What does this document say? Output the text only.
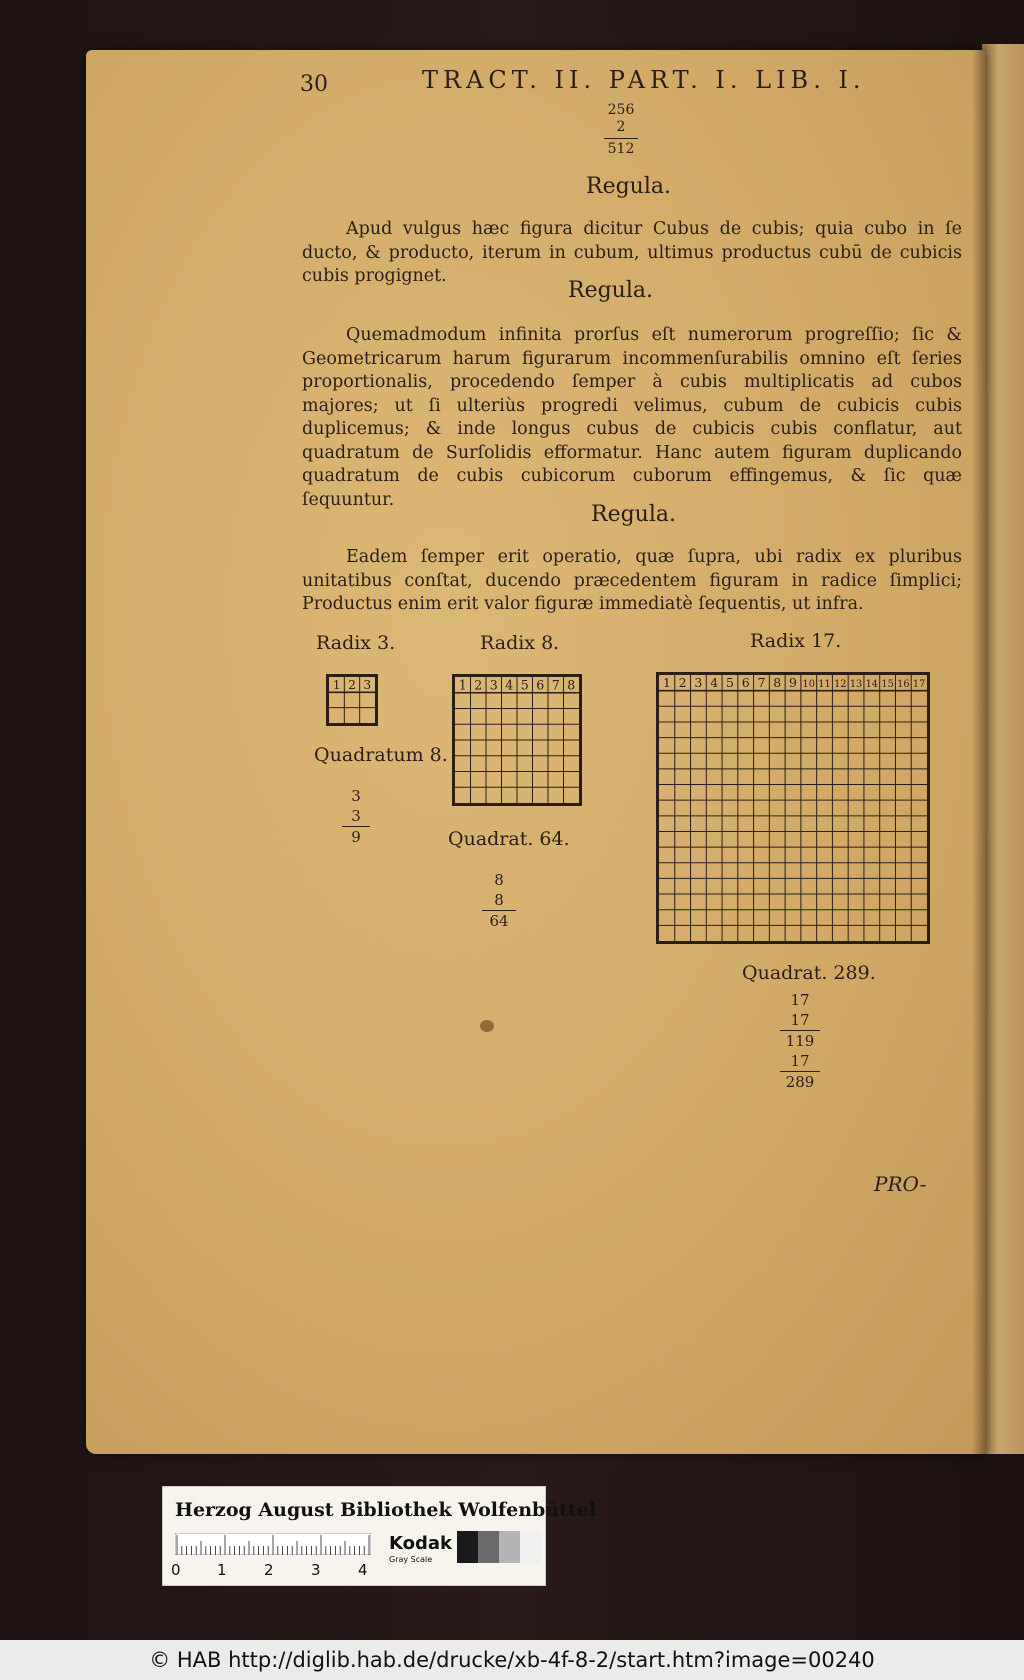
30	TRACT. II. PART. I. LIB. I.
256
2
512
Regula.
Apud vulgus hæc figura dicitur Cubus de cubis; quia cubo in ſe ducto, & producto, iterum in cubum, ultimus productus cubū de cubicis cubis progignet.
Regula.
Quemadmodum infinita prorſus eſt numerorum progreſſio; ſic & Geometricarum harum figurarum incommenſurabilis omnino eſt ſeries proportionalis, procedendo ſemper à cubis multiplicatis ad cubos majores; ut ſi ulteriùs progredi velimus, cubum de cubicis cubis duplicemus; & inde longus cubus de cubicis cubis conflatur, aut quadratum de Surſolidis efformatur. Hanc autem figuram duplicando quadratum de cubis cubicorum cuborum effingemus, & ſic quæ ſequuntur.
Regula.
Eadem ſemper erit operatio, quæ ſupra, ubi radix ex pluribus unitatibus conſtat, ducendo præcedentem figuram in radice ſimplici; Productus enim erit valor figuræ immediatè ſequentis, ut infra.
Radix 3.
1 2 3
Quadratum 8.
3
3
9
Radix 8.
1 2 3 4 5 6 7 8
Quadrat. 64.
8
8
64
Radix 17.
1 2 3 4 5 6 7 8 9 10 11 12 13 14 15 16 17
Quadrat. 289.
17
17
119
17
289
PRO-
Herzog August Bibliothek Wolfenbüttel
Kodak
Gray Scale
0 1 2 3 4
© HAB http://diglib.hab.de/drucke/xb-4f-8-2/start.htm?image=00240
